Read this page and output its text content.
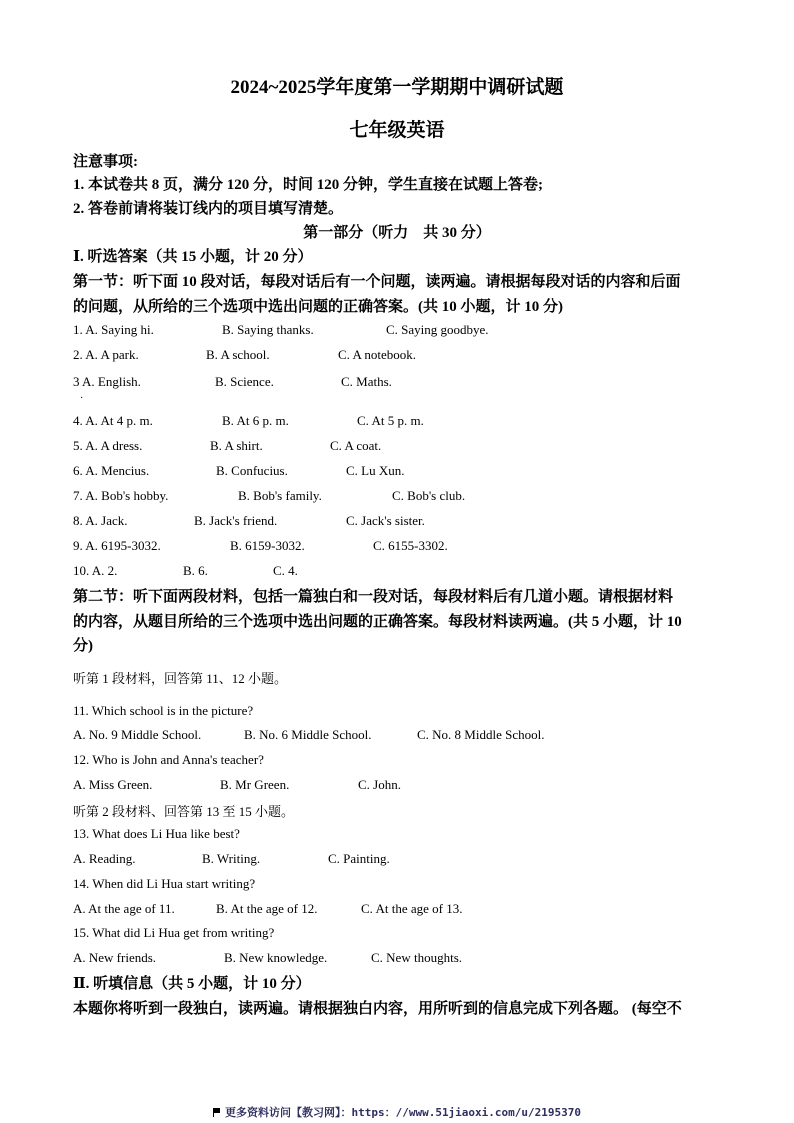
2024~2025学年度第一学期期中调研试题
七年级英语
注意事项:
1. 本试卷共 8 页，满分 120 分，时间 120 分钟，学生直接在试题上答卷;
2. 答卷前请将装订线内的项目填写清楚。
第一部分（听力　共 30 分）
Ⅰ. 听选答案（共 15 小题，计 20 分）
第一节：听下面 10 段对话，每段对话后有一个问题，读两遍。请根据每段对话的内容和后面
的问题，从所给的三个选项中选出问题的正确答案。(共 10 小题，计 10 分)
1. A. Saying hi.	B. Saying thanks.	C. Saying goodbye.
2. A. A park.	B. A school.	C. A notebook.
3 A. English.	B. Science.	C. Maths.
·
4. A. At 4 p. m.	B. At 6 p. m.	C. At 5 p. m.
5. A. A dress.	B. A shirt.	C. A coat.
6. A. Mencius.	B. Confucius.	C. Lu Xun.
7. A. Bob's hobby.	B. Bob's family.	C. Bob's club.
8. A. Jack.	B. Jack's friend.	C. Jack's sister.
9. A. 6195-3032.	B. 6159-3032.	C. 6155-3302.
10. A. 2.	B. 6.	C. 4.
第二节：听下面两段材料，包括一篇独白和一段对话，每段材料后有几道小题。请根据材料
的内容，从题目所给的三个选项中选出问题的正确答案。每段材料读两遍。(共 5 小题，计 10
分)
听第 1 段材料，回答第 11、12 小题。
11. Which school is in the picture?
A. No. 9 Middle School.	B. No. 6 Middle School.	C. No. 8 Middle School.
12. Who is John and Anna's teacher?
A. Miss Green.	B. Mr Green.	C. John.
听第 2 段材料、回答第 13 至 15 小题。
13. What does Li Hua like best?
A. Reading.	B. Writing.	C. Painting.
14. When did Li Hua start writing?
A. At the age of 11.	B. At the age of 12.	C. At the age of 13.
15. What did Li Hua get from writing?
A. New friends.	B. New knowledge.	C. New thoughts.
Ⅱ. 听填信息（共 5 小题，计 10 分）
本题你将听到一段独白，读两遍。请根据独白内容，用所听到的信息完成下列各题。 (每空不
更多资料访问【教习网】：https：//www.51jiaoxi.com/u/2195370
